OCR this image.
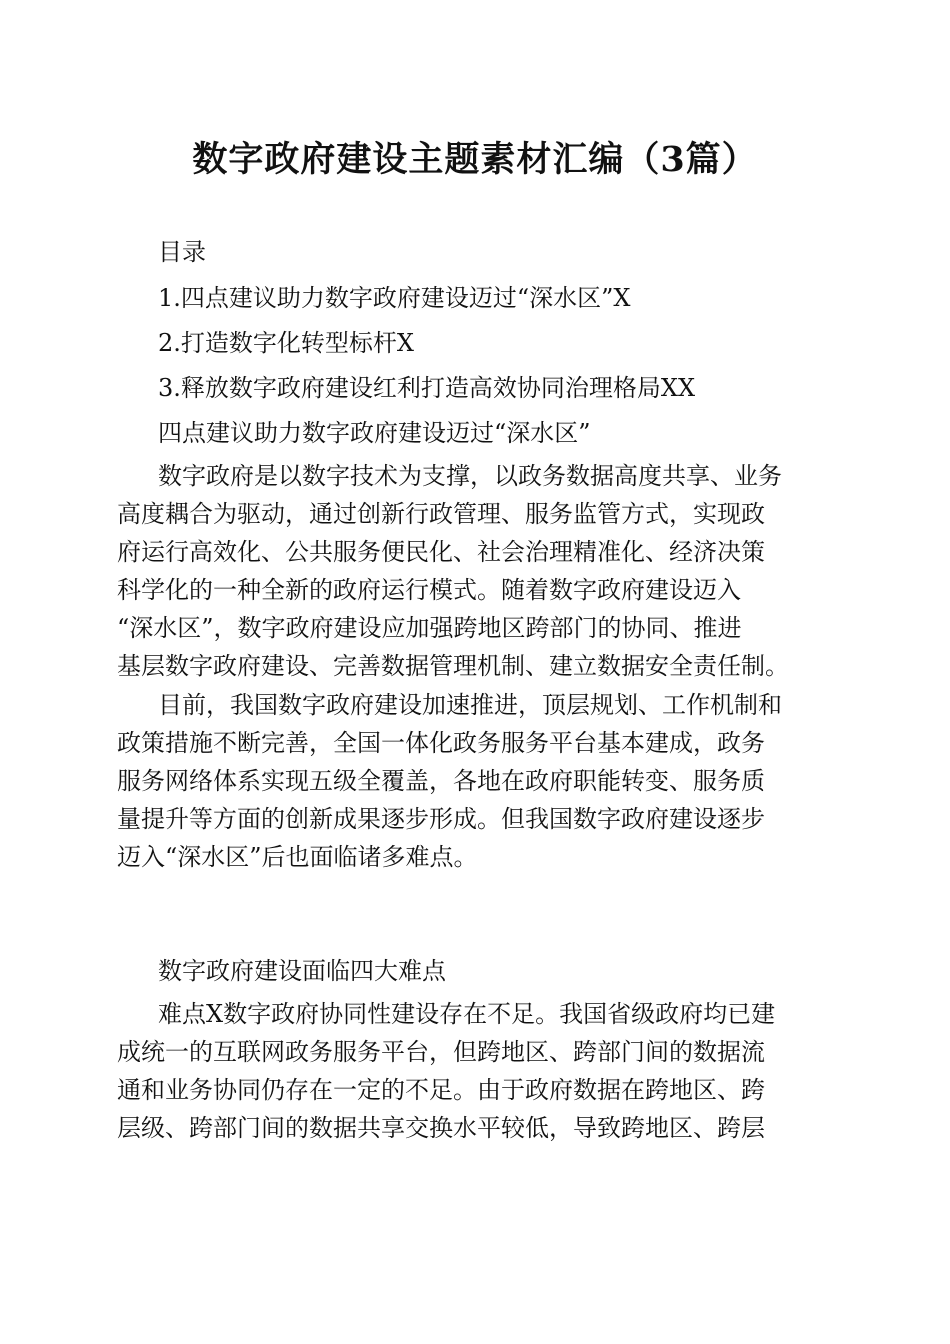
数字政府建设主题素材汇编（3篇）
目录
1.四点建议助力数字政府建设迈过“深水区”X
2.打造数字化转型标杆X
3.释放数字政府建设红利打造高效协同治理格局XX
四点建议助力数字政府建设迈过“深水区”
数字政府是以数字技术为支撑，以政务数据高度共享、业务
高度耦合为驱动，通过创新行政管理、服务监管方式，实现政
府运行高效化、公共服务便民化、社会治理精准化、经济决策
科学化的一种全新的政府运行模式。随着数字政府建设迈入
“深水区”，数字政府建设应加强跨地区跨部门的协同、推进
基层数字政府建设、完善数据管理机制、建立数据安全责任制。
目前，我国数字政府建设加速推进，顶层规划、工作机制和
政策措施不断完善，全国一体化政务服务平台基本建成，政务
服务网络体系实现五级全覆盖，各地在政府职能转变、服务质
量提升等方面的创新成果逐步形成。但我国数字政府建设逐步
迈入“深水区”后也面临诸多难点。
数字政府建设面临四大难点
难点X数字政府协同性建设存在不足。我国省级政府均已建
成统一的互联网政务服务平台，但跨地区、跨部门间的数据流
通和业务协同仍存在一定的不足。由于政府数据在跨地区、跨
层级、跨部门间的数据共享交换水平较低，导致跨地区、跨层
